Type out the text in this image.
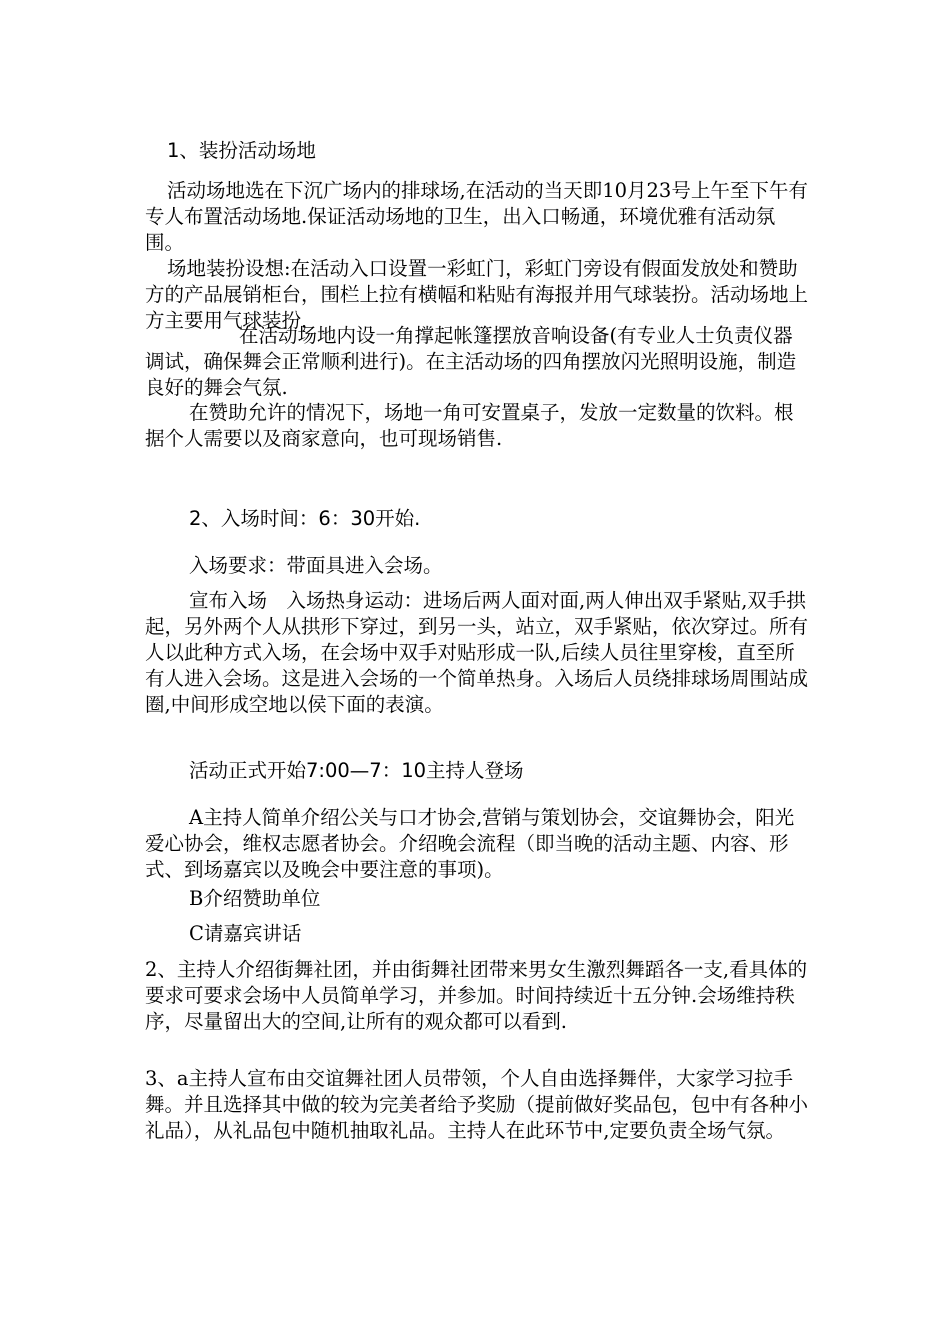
1、装扮活动场地

活动场地选在下沉广场内的排球场,在活动的当天即10月23号上午至下午有专人布置活动场地.保证活动场地的卫生，出入口畅通，环境优雅有活动氛围。

场地装扮设想:在活动入口设置一彩虹门，彩虹门旁设有假面发放处和赞助方的产品展销柜台，围栏上拉有横幅和粘贴有海报并用气球装扮。活动场地上方主要用气球装扮，

在活动场地内设一角撑起帐篷摆放音响设备(有专业人士负责仪器调试，确保舞会正常顺利进行)。在主活动场的四角摆放闪光照明设施，制造良好的舞会气氛.

在赞助允许的情况下，场地一角可安置桌子，发放一定数量的饮料。根据个人需要以及商家意向，也可现场销售.

2、入场时间：6：30开始.

入场要求：带面具进入会场。

宣布入场　入场热身运动：进场后两人面对面,两人伸出双手紧贴,双手拱起，另外两个人从拱形下穿过，到另一头，站立，双手紧贴，依次穿过。所有人以此种方式入场，在会场中双手对贴形成一队,后续人员往里穿梭，直至所有人进入会场。这是进入会场的一个简单热身。入场后人员绕排球场周围站成圈,中间形成空地以侯下面的表演。

活动正式开始7:00—7：10主持人登场

A主持人简单介绍公关与口才协会,营销与策划协会，交谊舞协会，阳光爱心协会，维权志愿者协会。介绍晚会流程（即当晚的活动主题、内容、形式、到场嘉宾以及晚会中要注意的事项)。

B介绍赞助单位

C请嘉宾讲话

2、主持人介绍街舞社团，并由街舞社团带来男女生激烈舞蹈各一支,看具体的要求可要求会场中人员简单学习，并参加。时间持续近十五分钟.会场维持秩序，尽量留出大的空间,让所有的观众都可以看到.

3、a主持人宣布由交谊舞社团人员带领，个人自由选择舞伴，大家学习拉手舞。并且选择其中做的较为完美者给予奖励（提前做好奖品包，包中有各种小礼品），从礼品包中随机抽取礼品。主持人在此环节中,定要负责全场气氛。
